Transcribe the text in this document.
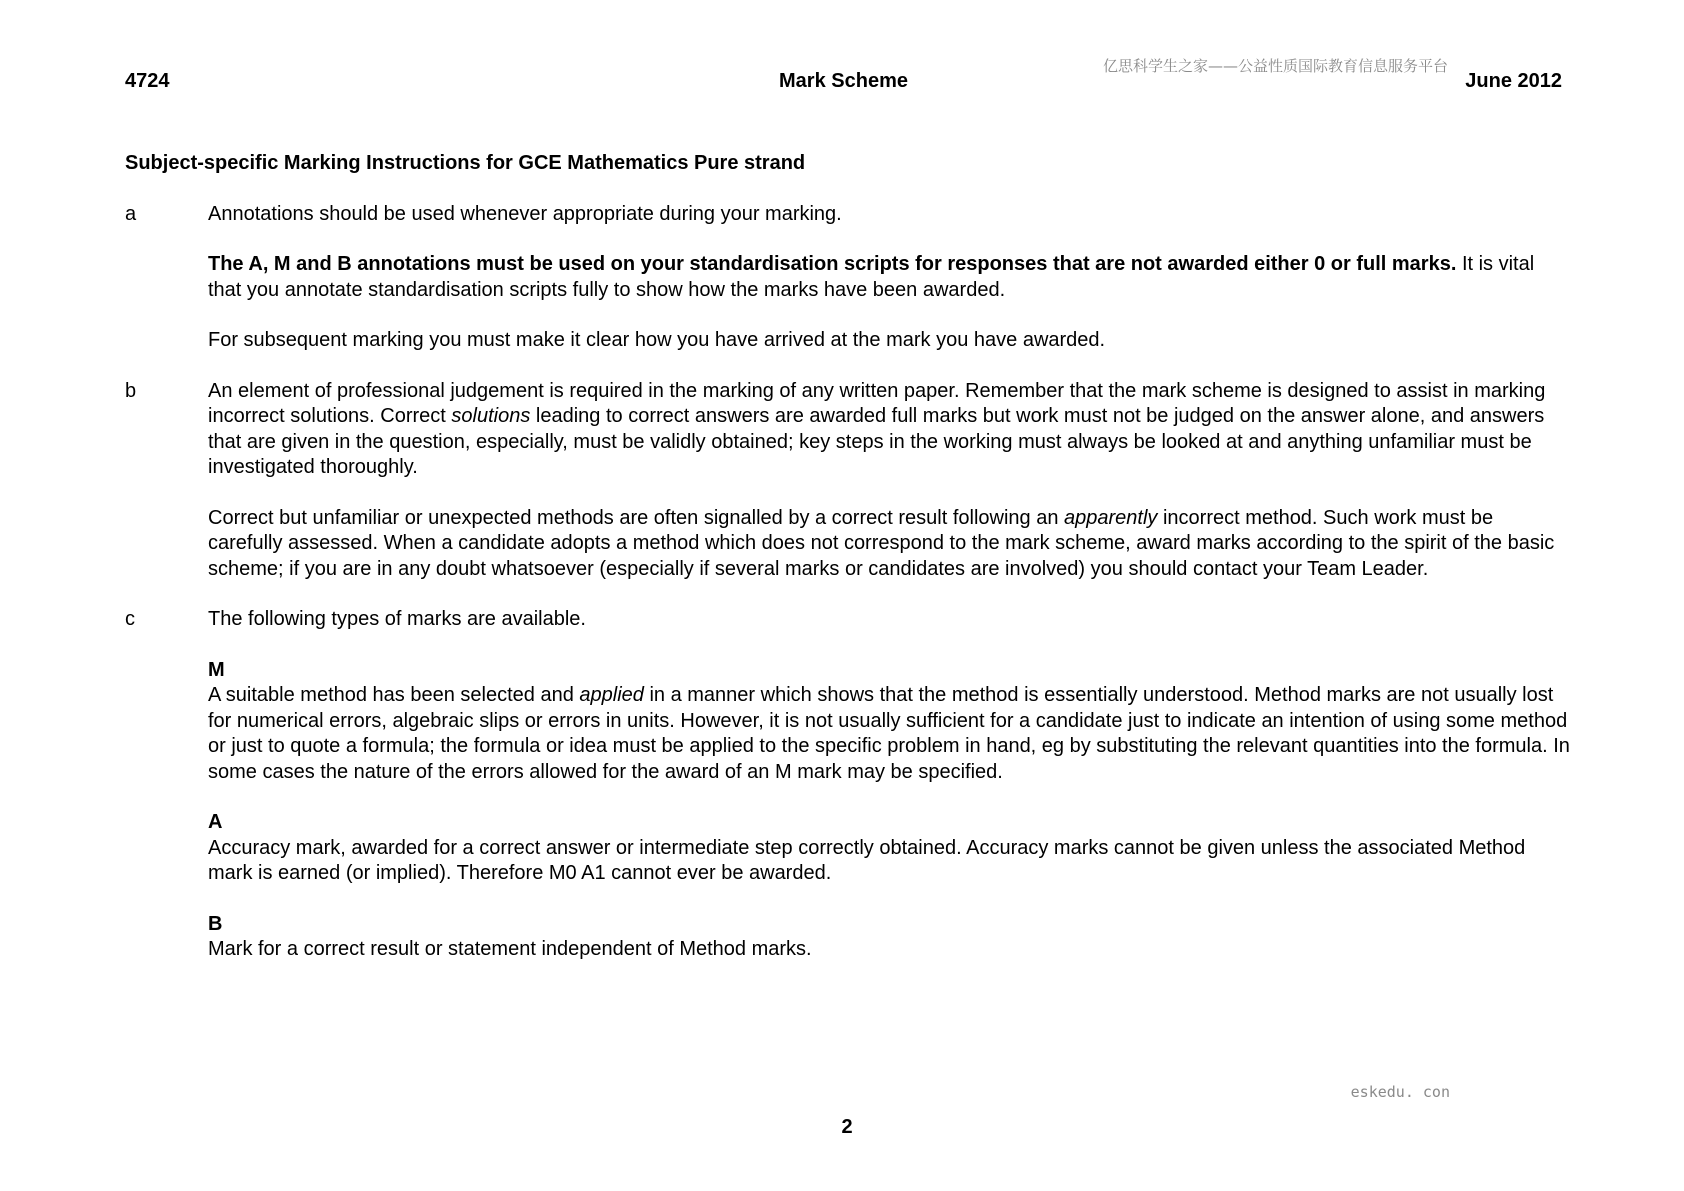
亿思科学生之家——公益性质国际教育信息服务平台
4724	Mark Scheme	June 2012
Subject-specific Marking Instructions for GCE Mathematics Pure strand
a	Annotations should be used whenever appropriate during your marking.

The A, M and B annotations must be used on your standardisation scripts for responses that are not awarded either 0 or full marks. It is vital that you annotate standardisation scripts fully to show how the marks have been awarded.

For subsequent marking you must make it clear how you have arrived at the mark you have awarded.

b	An element of professional judgement is required in the marking of any written paper. Remember that the mark scheme is designed to assist in marking incorrect solutions. Correct solutions leading to correct answers are awarded full marks but work must not be judged on the answer alone, and answers that are given in the question, especially, must be validly obtained; key steps in the working must always be looked at and anything unfamiliar must be investigated thoroughly.

Correct but unfamiliar or unexpected methods are often signalled by a correct result following an apparently incorrect method. Such work must be carefully assessed. When a candidate adopts a method which does not correspond to the mark scheme, award marks according to the spirit of the basic scheme; if you are in any doubt whatsoever (especially if several marks or candidates are involved) you should contact your Team Leader.

c	The following types of marks are available.

M
A suitable method has been selected and applied in a manner which shows that the method is essentially understood. Method marks are not usually lost for numerical errors, algebraic slips or errors in units. However, it is not usually sufficient for a candidate just to indicate an intention of using some method or just to quote a formula; the formula or idea must be applied to the specific problem in hand, eg by substituting the relevant quantities into the formula. In some cases the nature of the errors allowed for the award of an M mark may be specified.

A
Accuracy mark, awarded for a correct answer or intermediate step correctly obtained. Accuracy marks cannot be given unless the associated Method mark is earned (or implied). Therefore M0 A1 cannot ever be awarded.

B
Mark for a correct result or statement independent of Method marks.

eskedu. con
2
